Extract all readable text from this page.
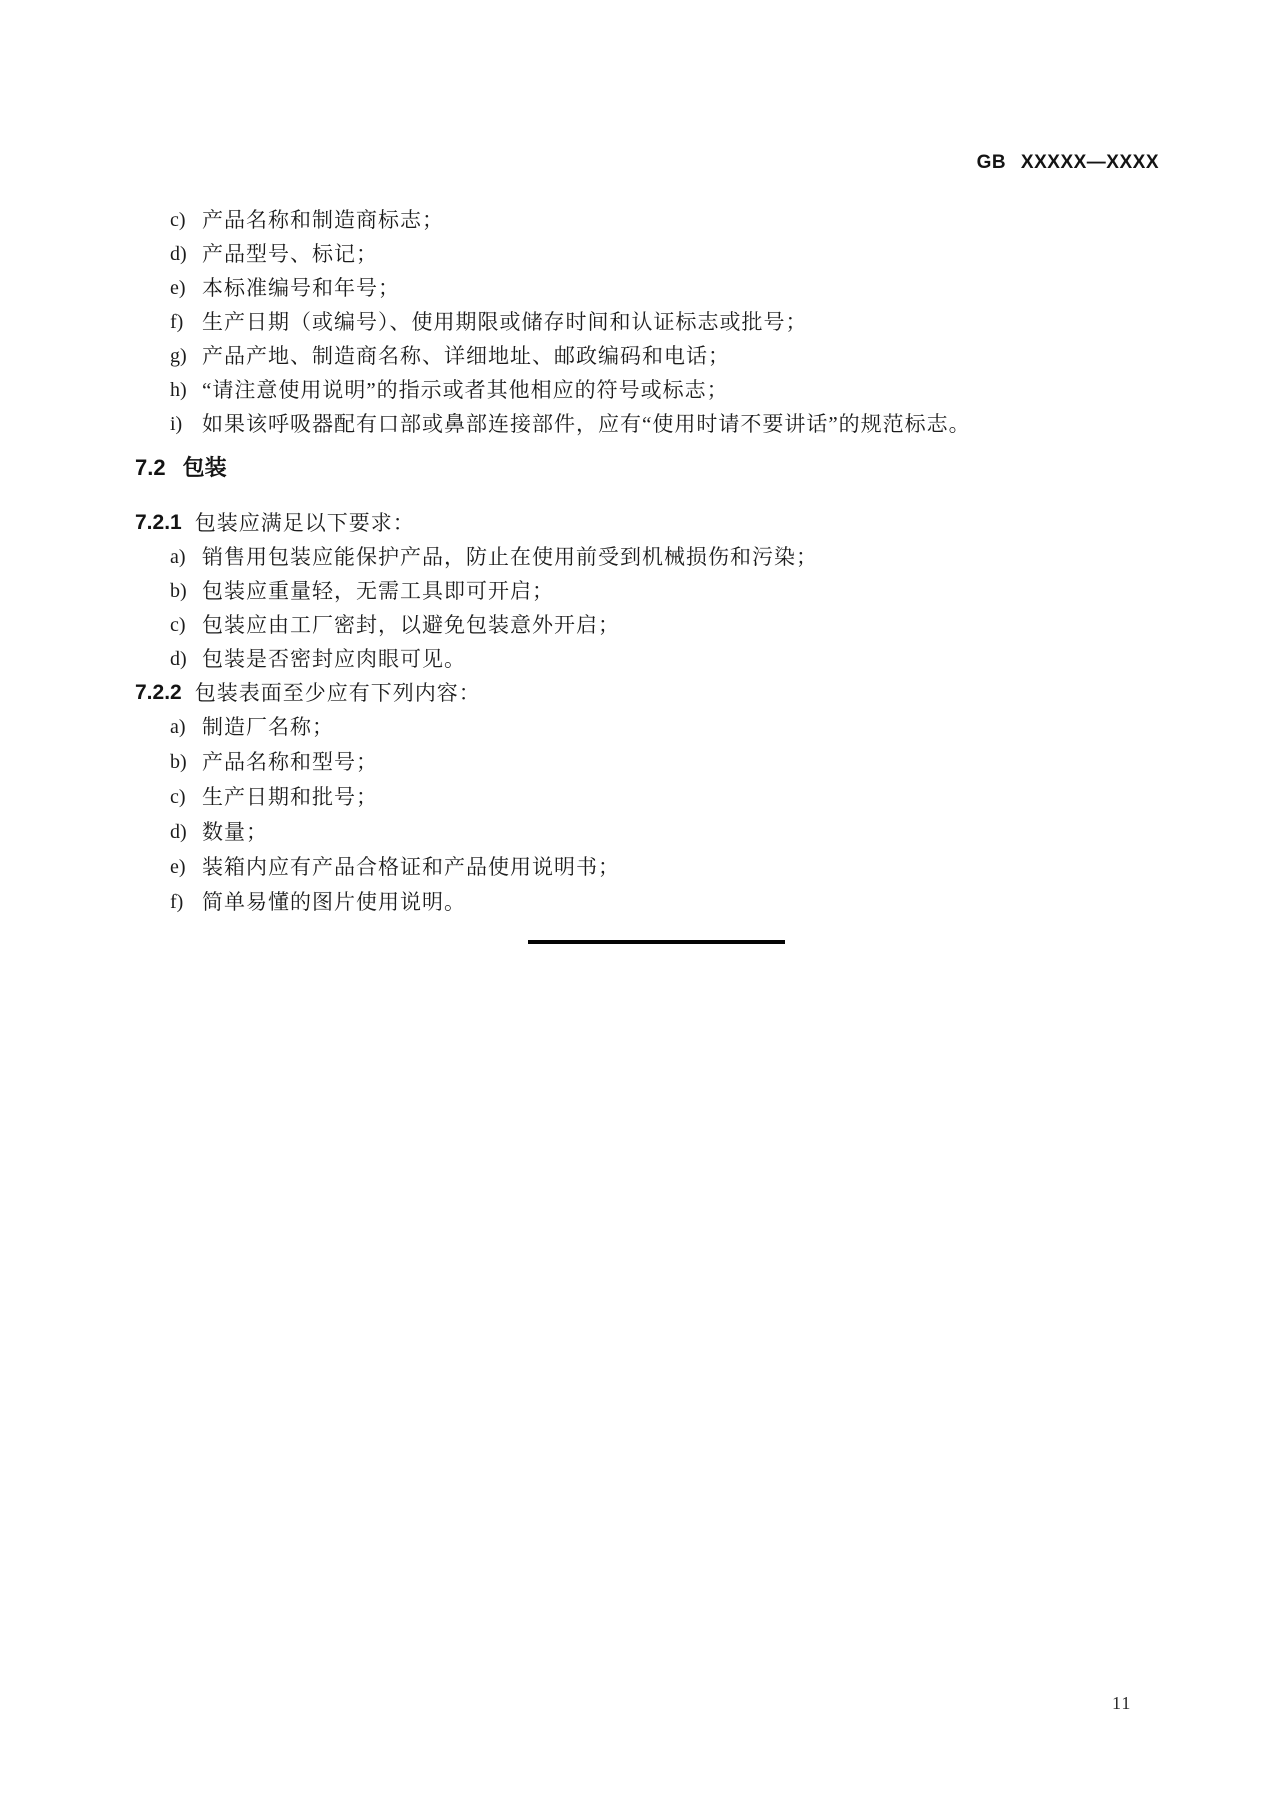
GB XXXXX—XXXX
c) 产品名称和制造商标志；
d) 产品型号、标记；
e) 本标准编号和年号；
f) 生产日期（或编号）、使用期限或储存时间和认证标志或批号；
g) 产品产地、制造商名称、详细地址、邮政编码和电话；
h) “请注意使用说明”的指示或者其他相应的符号或标志；
i) 如果该呼吸器配有口部或鼻部连接部件，应有“使用时请不要讲话”的规范标志。
7.2 包装
7.2.1 包装应满足以下要求：
a) 销售用包装应能保护产品，防止在使用前受到机械损伤和污染；
b) 包装应重量轻，无需工具即可开启；
c) 包装应由工厂密封，以避免包装意外开启；
d) 包装是否密封应肉眼可见。
7.2.2 包装表面至少应有下列内容：
a) 制造厂名称；
b) 产品名称和型号；
c) 生产日期和批号；
d) 数量；
e) 装箱内应有产品合格证和产品使用说明书；
f) 简单易懂的图片使用说明。
11
